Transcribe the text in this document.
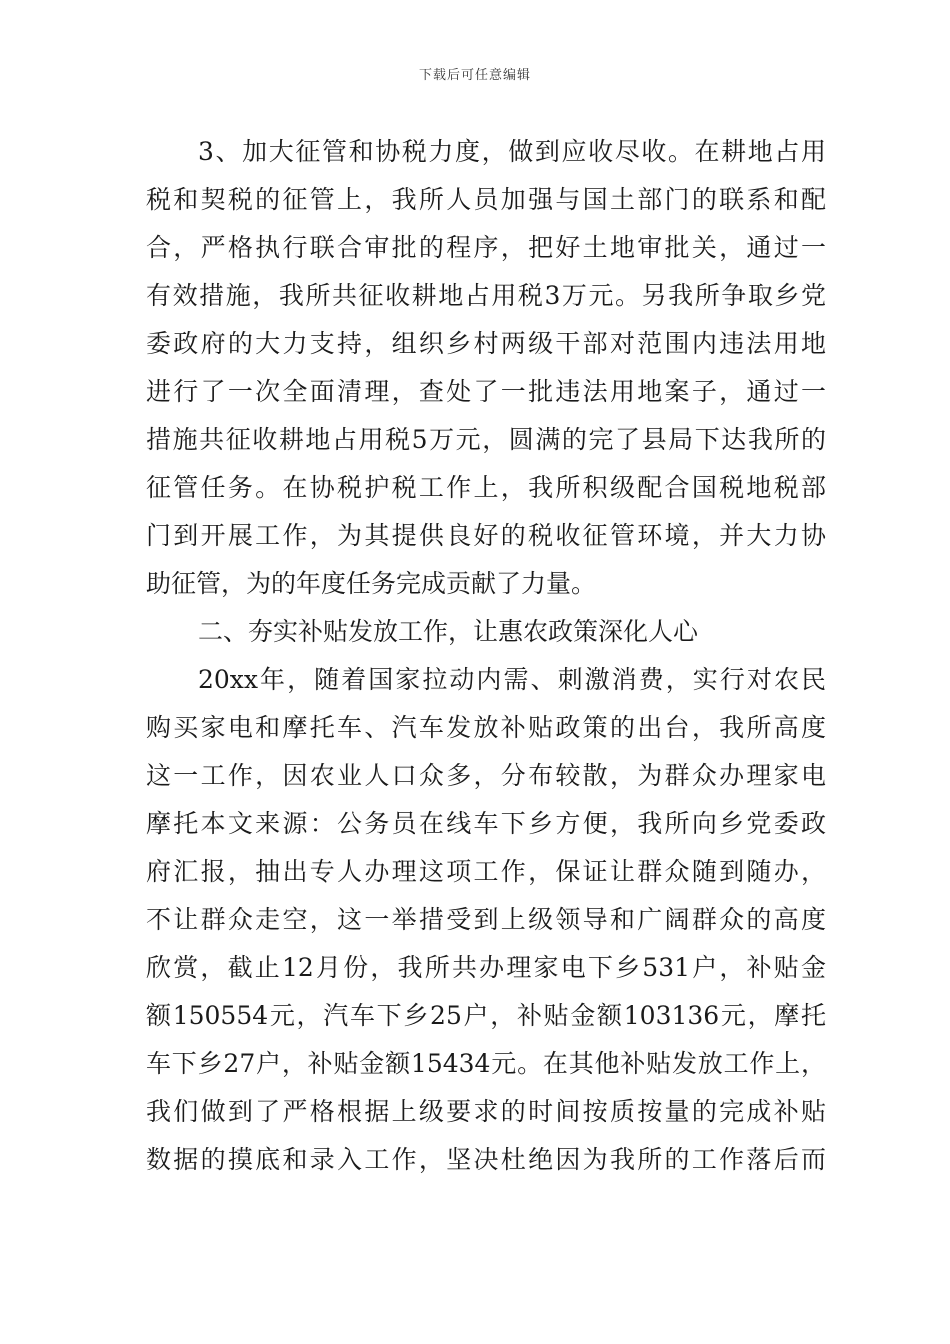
下载后可任意编辑
3、加大征管和协税力度，做到应收尽收。在耕地占用
税和契税的征管上，我所人员加强与国土部门的联系和配
合，严格执行联合审批的程序，把好土地审批关，通过一
有效措施，我所共征收耕地占用税3万元。另我所争取乡党
委政府的大力支持，组织乡村两级干部对范围内违法用地
进行了一次全面清理，查处了一批违法用地案子，通过一
措施共征收耕地占用税5万元，圆满的完了县局下达我所的
征管任务。在协税护税工作上，我所积级配合国税地税部
门到开展工作，为其提供良好的税收征管环境，并大力协
助征管，为的年度任务完成贡献了力量。
二、夯实补贴发放工作，让惠农政策深化人心
20xx年，随着国家拉动内需、刺激消费，实行对农民
购买家电和摩托车、汽车发放补贴政策的出台，我所高度
这一工作，因农业人口众多，分布较散，为群众办理家电
摩托本文来源：公务员在线车下乡方便，我所向乡党委政
府汇报，抽出专人办理这项工作，保证让群众随到随办，
不让群众走空，这一举措受到上级领导和广阔群众的高度
欣赏，截止12月份，我所共办理家电下乡531户，补贴金
额150554元，汽车下乡25户，补贴金额103136元，摩托
车下乡27户，补贴金额15434元。在其他补贴发放工作上，
我们做到了严格根据上级要求的时间按质按量的完成补贴
数据的摸底和录入工作，坚决杜绝因为我所的工作落后而
